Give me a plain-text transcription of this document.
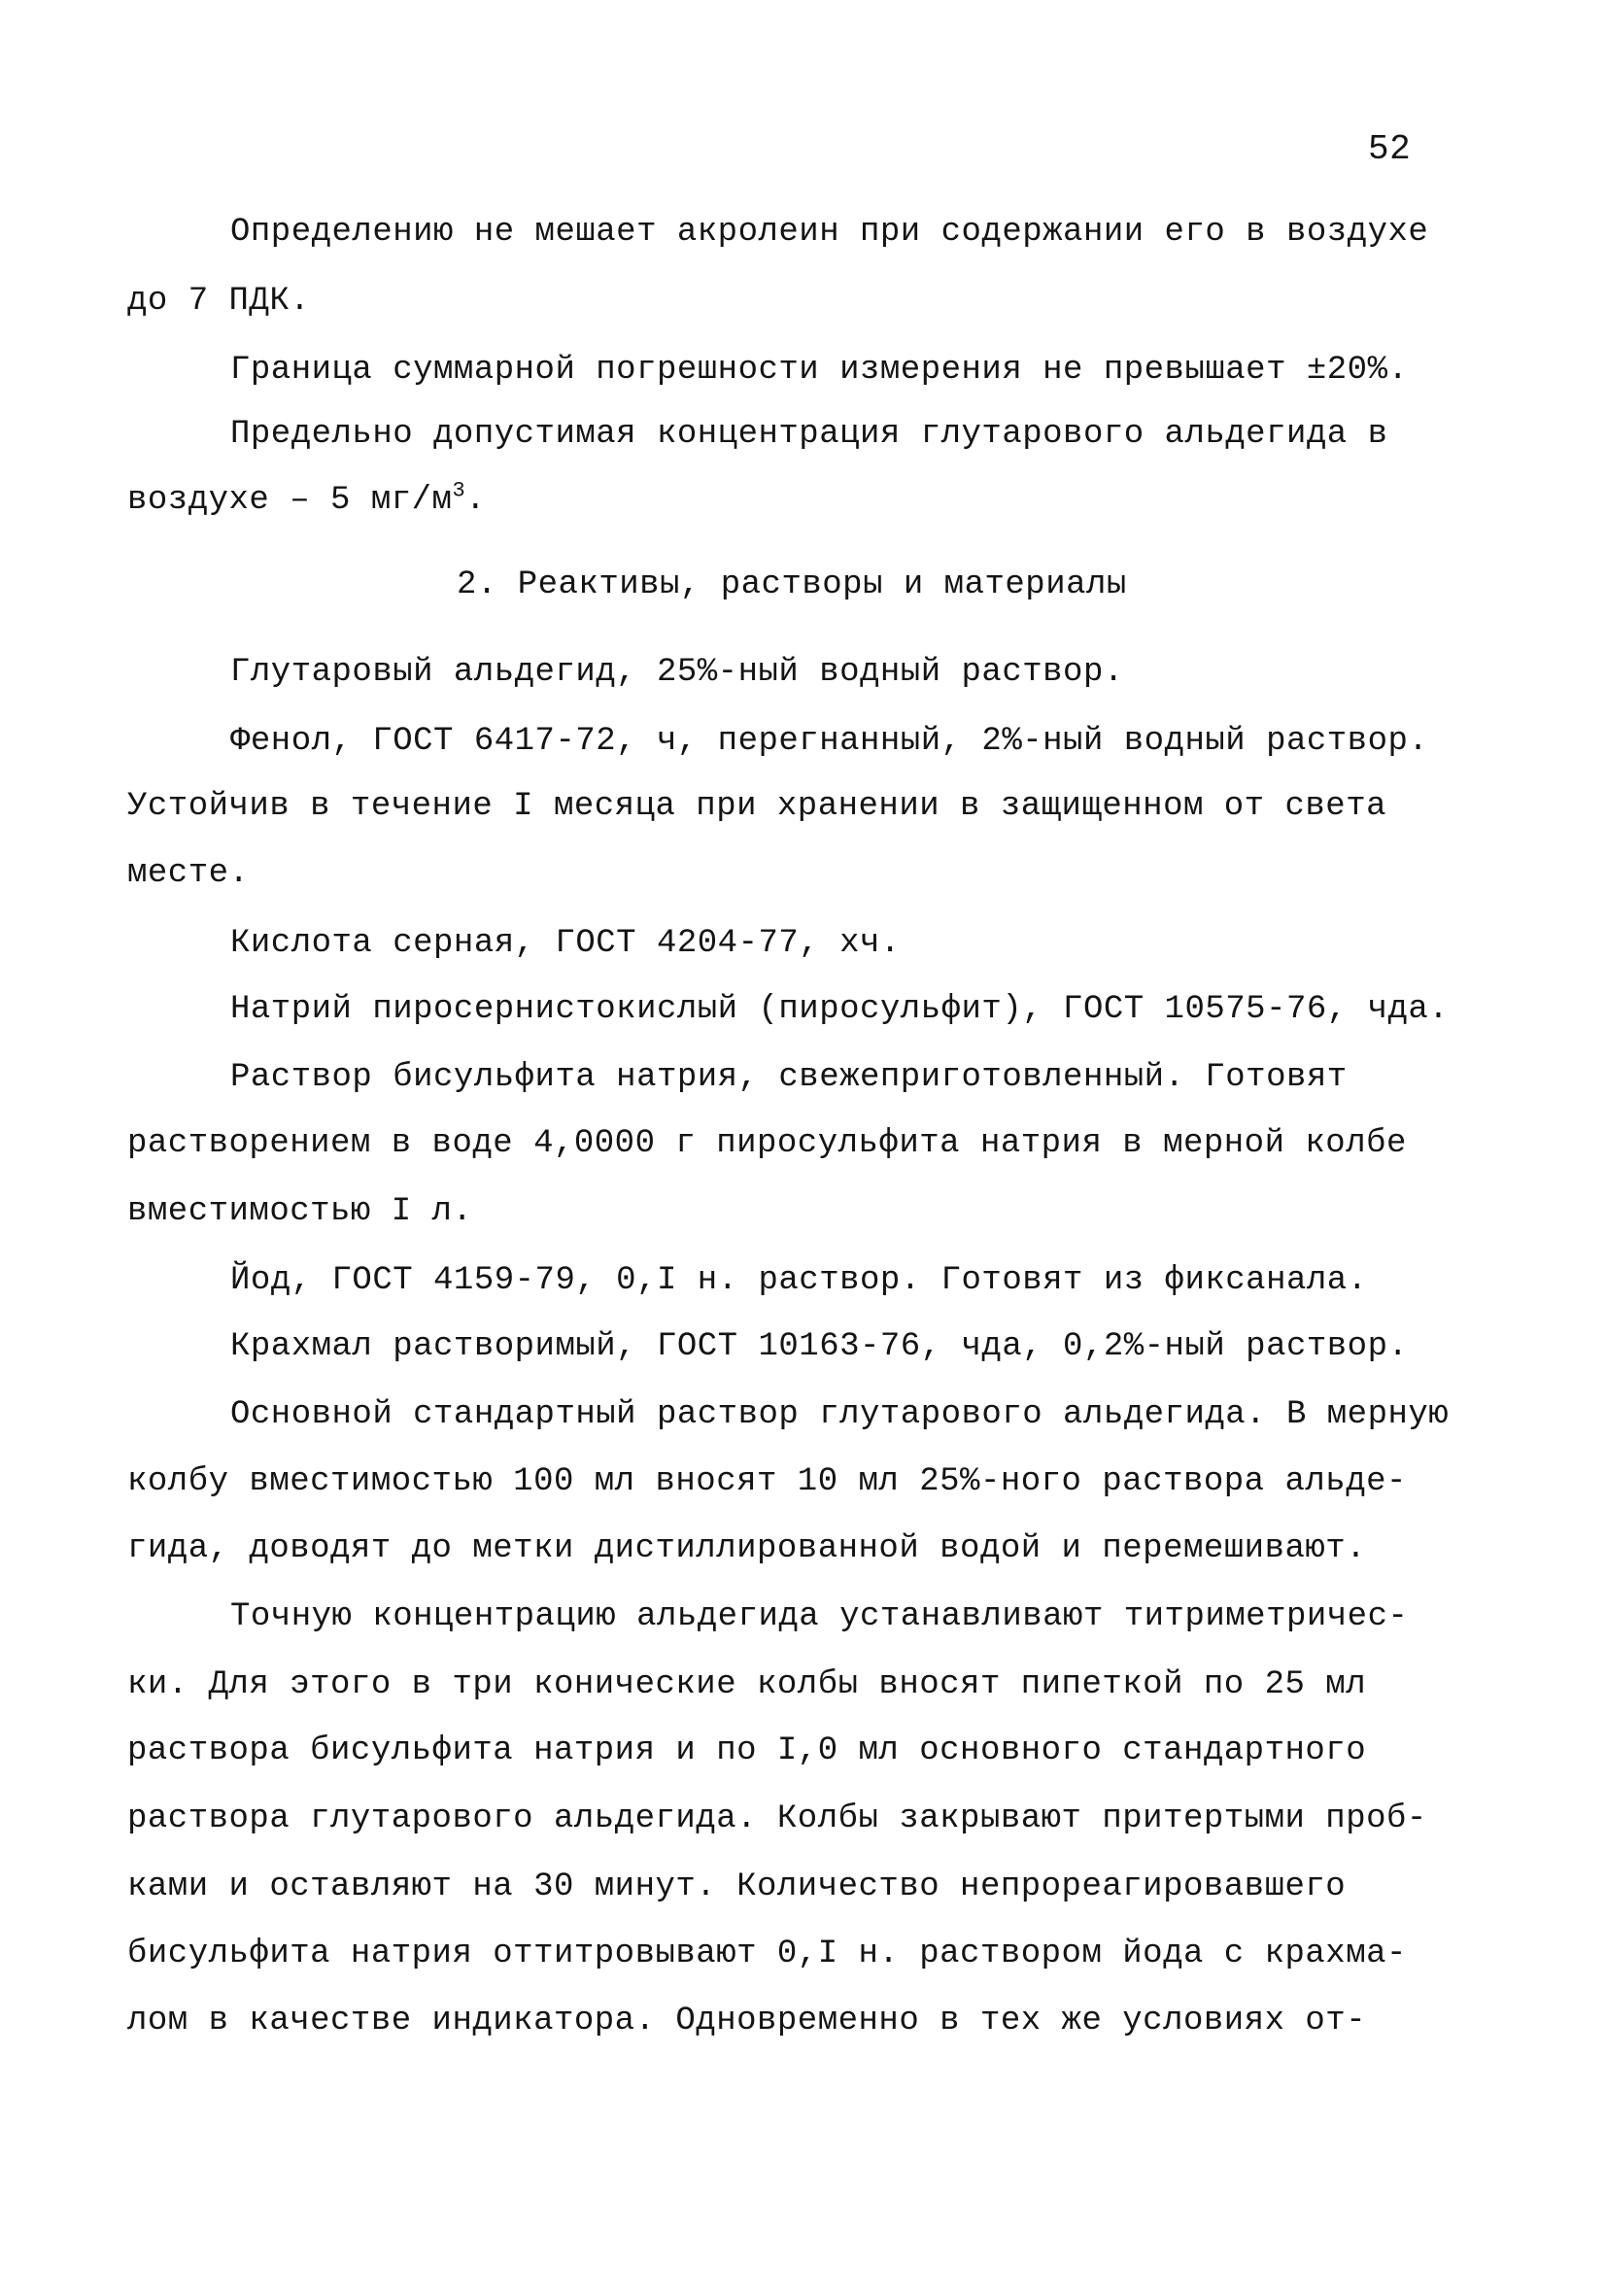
52
Определению не мешает акролеин при содержании его в воздухе
до 7 ПДК.
Граница суммарной погрешности измерения не превышает ±20%.
Предельно допустимая концентрация глутарового альдегида в
воздухе – 5 $мг/м^3$.
2. Реактивы, растворы и материалы
Глутаровый альдегид, 25%-ный водный раствор.
Фенол, ГОСТ 6417-72, ч, перегнанный, 2%-ный водный раствор.
Устойчив в течение I месяца при хранении в защищенном от света
месте.
Кислота серная, ГОСТ 4204-77, хч.
Натрий пиросернистокислый (пиросульфит), ГОСТ 10575-76, чда.
Раствор бисульфита натрия, свежеприготовленный. Готовят
растворением в воде 4,0000 г пиросульфита натрия в мерной колбе
вместимостью I л.
Йод, ГОСТ 4159-79, 0,I н. раствор. Готовят из фиксанала.
Крахмал растворимый, ГОСТ 10163-76, чда, 0,2%-ный раствор.
Основной стандартный раствор глутарового альдегида. В мерную
колбу вместимостью 100 мл вносят 10 мл 25%-ного раствора альде-
гида, доводят до метки дистиллированной водой и перемешивают.
Точную концентрацию альдегида устанавливают титриметричес-
ки. Для этого в три конические колбы вносят пипеткой по 25 мл
раствора бисульфита натрия и по I,0 мл основного стандартного
раствора глутарового альдегида. Колбы закрывают притертыми проб-
ками и оставляют на 30 минут. Количество непрореагировавшего
бисульфита натрия оттитровывают 0,I н. раствором йода с крахма-
лом в качестве индикатора. Одновременно в тех же условиях от-
